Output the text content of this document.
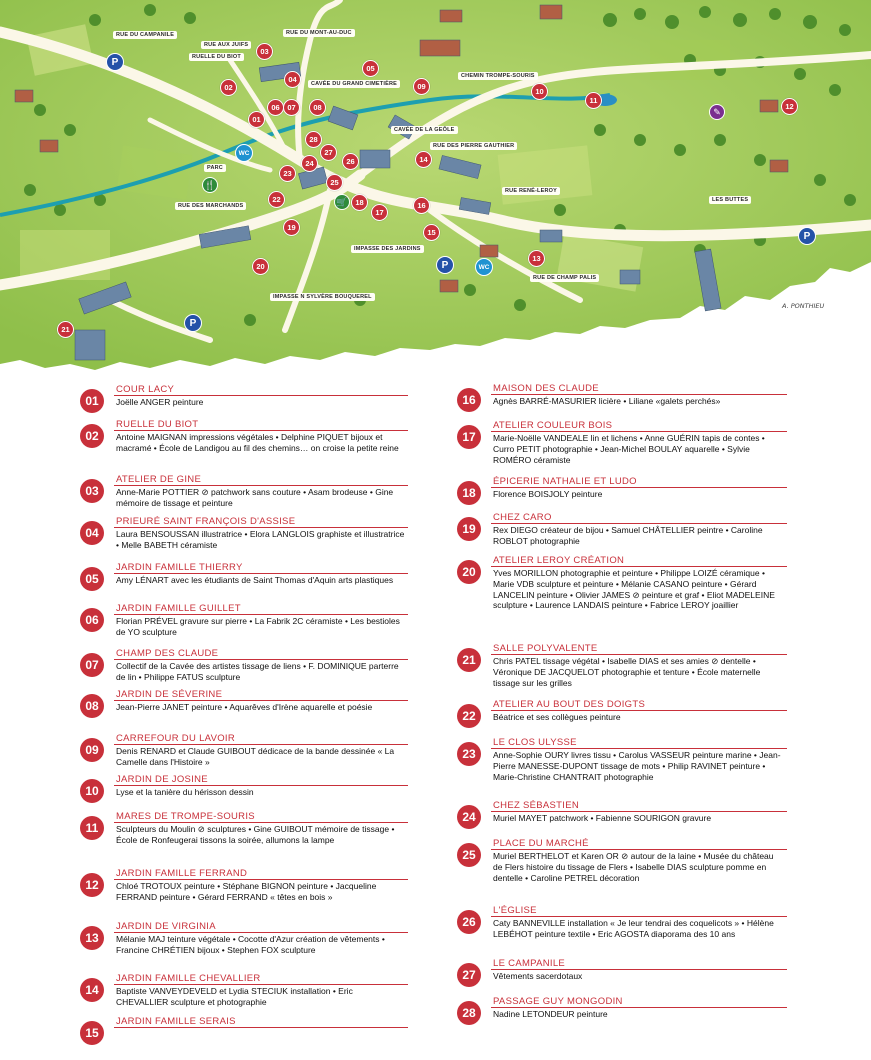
RUE DU CAMPANILE
RUE AUX JUIFS
RUELLE DU BIOT
RUE DU MONT-AU-DUC
CAVÉE DU GRAND CIMETIÈRE
CHEMIN TROMPE-SOURIS
CAVÉE DE LA GEÔLE
RUE DES PIERRE GAUTHIER
PARC
RUE DES MARCHANDS
RUE RENÉ-LEROY
LES BUTTES
IMPASSE DES JARDINS
RUE DE CHAMP PALIS
IMPASSE N SYLVÈRE BOUQUEREL
01
02
03
04
05
06	07	08
09
10
11
12
13
14
15
16
17
18
19
20
21
22
23
24
25
26
27
28
P
P
P
P
WC
WC
🍴
🛒
✎
A. PONTHIEU
01
COUR LACY
Joëlle ANGER peinture
02
RUELLE DU BIOT
Antoine MAIGNAN impressions végétales • Delphine PIQUET bijoux et macramé • École de Landigou au fil des chemins… on croise la petite reine
03
ATELIER DE GINE
Anne-Marie POTTIER ⊘ patchwork sans couture • Asam brodeuse • Gine mémoire de tissage et peinture
04
PRIEURÉ SAINT FRANÇOIS D'ASSISE
Laura BENSOUSSAN illustratrice • Elora LANGLOIS graphiste et illustratrice • Melle BABETH céramiste
05
JARDIN FAMILLE THIERRY
Amy LÉNART avec les étudiants de Saint Thomas d'Aquin arts plastiques
06
JARDIN FAMILLE GUILLET
Florian PRÉVEL gravure sur pierre • La Fabrik 2C céramiste • Les bestioles de YO sculpture
07
CHAMP DES CLAUDE
Collectif de la Cavée des artistes tissage de liens • F. DOMINIQUE parterre de lin • Philippe FATUS sculpture
08
JARDIN DE SÉVERINE
Jean-Pierre JANET peinture • Aquarêves d'Irène aquarelle et poésie
09
CARREFOUR DU LAVOIR
Denis RENARD et Claude GUIBOUT dédicace de la bande dessinée « La Camelle dans l'Histoire »
10
JARDIN DE JOSINE
Lyse et la tanière du hérisson dessin
11
MARES DE TROMPE-SOURIS
Sculpteurs du Moulin ⊘ sculptures • Gine GUIBOUT mémoire de tissage • École de Ronfeugerai tissons la soirée, allumons la lampe
12
JARDIN FAMILLE FERRAND
Chloé TROTOUX peinture • Stéphane BIGNON peinture • Jacqueline FERRAND peinture • Gérard FERRAND « têtes en bois »
13
JARDIN DE VIRGINIA
Mélanie MAJ teinture végétale • Cocotte d'Azur création de vêtements • Francine CHRÉTIEN bijoux • Stephen FOX sculpture
14
JARDIN FAMILLE CHEVALLIER
Baptiste VANVEYDEVELD et Lydia STECIUK installation • Eric CHEVALLIER sculpture et photographie
15
JARDIN FAMILLE SERAIS
16
MAISON DES CLAUDE
Agnès BARRÉ-MASURIER licière • Liliane «galets perchés»
17
ATELIER COULEUR BOIS
Marie-Noëlle VANDEALE lin et lichens • Anne GUÉRIN tapis de contes • Curro PETIT photographie • Jean-Michel BOULAY aquarelle • Sylvie ROMÉRO céramiste
18
ÉPICERIE NATHALIE ET LUDO
Florence BOISJOLY peinture
19
CHEZ CARO
Rex DIEGO créateur de bijou • Samuel CHÂTELLIER peintre • Caroline ROBLOT photographie
20
ATELIER LEROY CRÉATION
Yves MORILLON photographie et peinture • Philippe LOIZÉ céramique • Marie VDB sculpture et peinture • Mélanie CASANO peinture • Gérard LANCELIN peinture • Olivier JAMES ⊘ peinture et graf • Eliot MADELEINE sculpture • Laurence LANDAIS peinture • Fabrice LEROY joaillier
21
SALLE POLYVALENTE
Chris PATEL tissage végétal • Isabelle DIAS et ses amies ⊘ dentelle • Véronique DE JACQUELOT photographie et tenture • École maternelle tissage sur les grilles
22
ATELIER AU BOUT DES DOIGTS
Béatrice et ses collègues peinture
23
LE CLOS ULYSSE
Anne-Sophie OURY livres tissu • Carolus VASSEUR peinture marine • Jean-Pierre MANESSE-DUPONT tissage de mots • Philip RAVINET peinture • Marie-Christine CHANTRAIT photographie
24
CHEZ SÉBASTIEN
Muriel MAYET patchwork • Fabienne SOURIGON gravure
25
PLACE DU MARCHÉ
Muriel BERTHELOT et Karen OR ⊘ autour de la laine • Musée du château de Flers histoire du tissage de Flers • Isabelle DIAS sculpture pomme en dentelle • Caroline PETREL décoration
26
L'ÉGLISE
Caty BANNEVILLE installation « Je leur tendrai des coquelicots » • Hélène LEBÉHOT peinture textile • Eric AGOSTA diaporama des 10 ans
27
LE CAMPANILE
Vêtements sacerdotaux
28
PASSAGE GUY MONGODIN
Nadine LETONDEUR peinture
